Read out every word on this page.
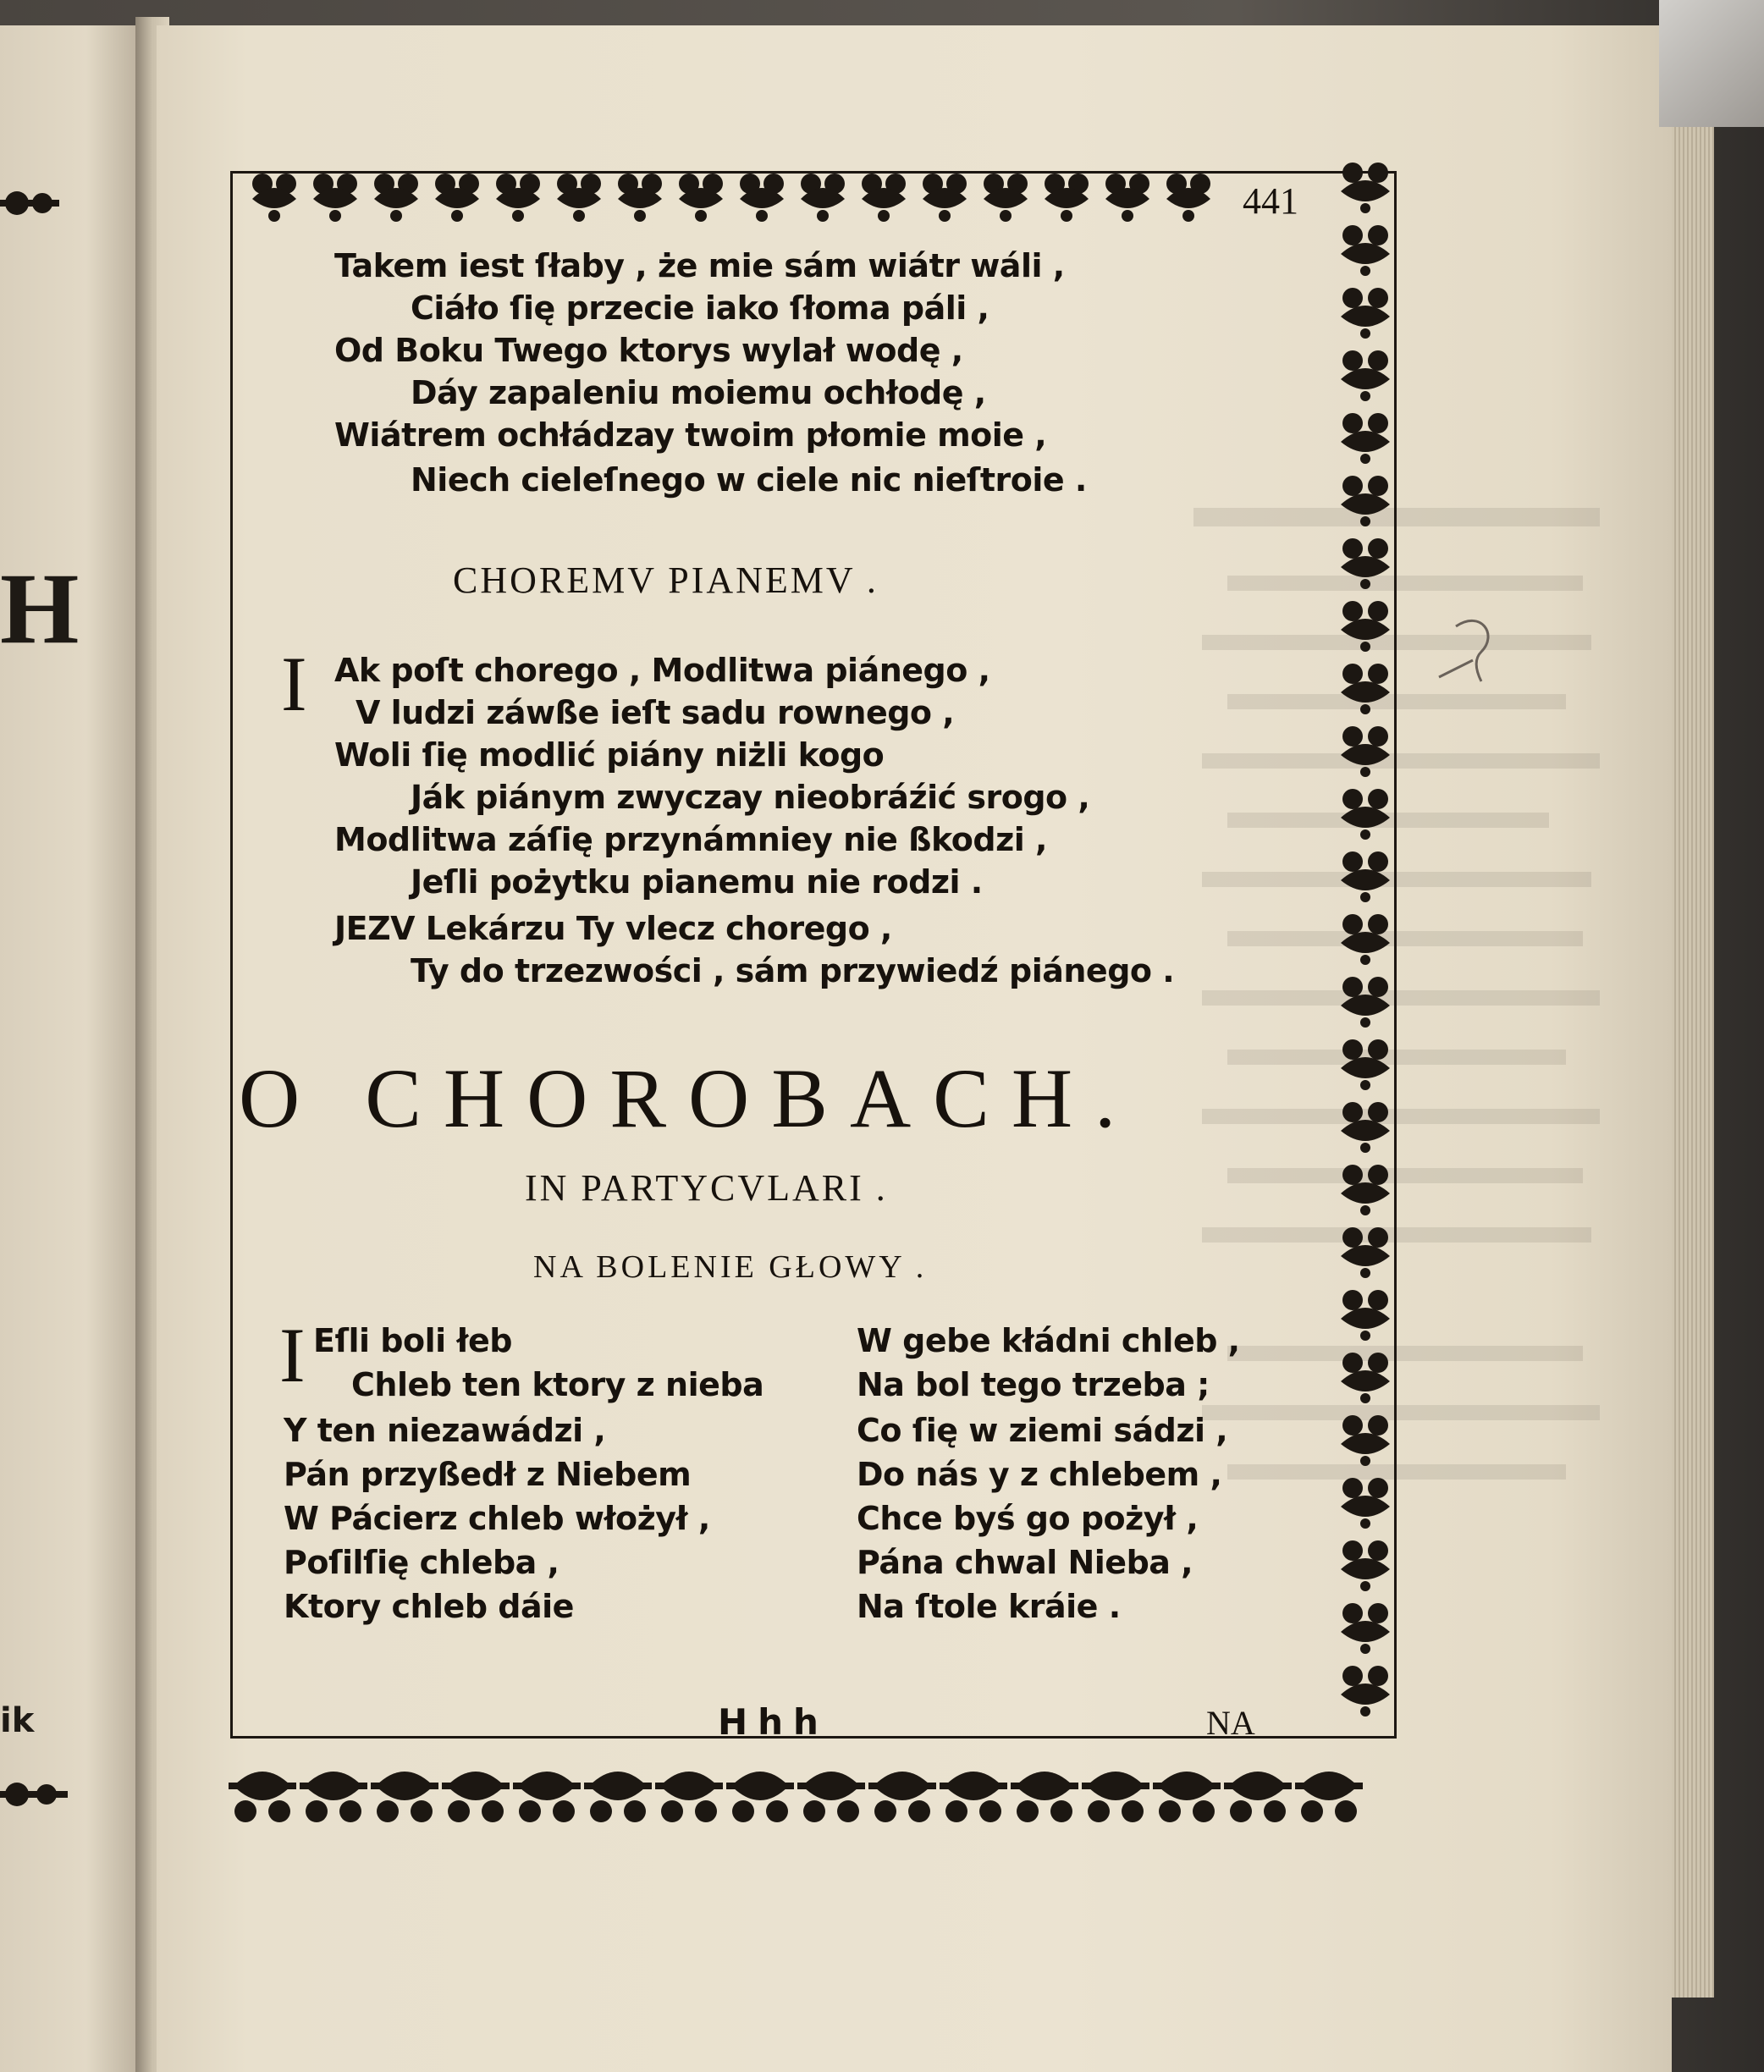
H
ik
441
Takem iest ſłaby , że mie sám wiátr wáli ,
Ciáło ſię przecie iako ſłoma páli ,
Od Boku Twego ktorys wylał wodę ,
Dáy zapaleniu moiemu ochłodę ,
Wiátrem ochłádzay twoim płomie moie ,
Niech cieleſnego w ciele nic nieſtroie .
CHOREMV PIANEMV .
I Ak poſt chorego , Modlitwa piánego ,
V ludzi záwße ieſt sadu rownego ,
Woli ſię modlić piány niżli kogo
Ják piánym zwyczay nieobráźić srogo ,
Modlitwa záſię przynámniey nie ßkodzi ,
Jeſli pożytku pianemu nie rodzi .
JEZV Lekárzu Ty vlecz chorego ,
Ty do trzezwości , sám przywiedź piánego .
O CHOROBACH.
IN PARTYCVLARI .
NA BOLENIE GŁOWY .
I Eſli boli łeb
Chleb ten ktory z nieba
Y ten niezawádzi ,
Pán przyßedł z Niebem
W Pácierz chleb włożył ,
Poſilſię chleba ,
Ktory chleb dáie
W gebe kłádni chleb ,
Na bol tego trzeba ;
Co ſię w ziemi sádzi ,
Do nás y z chlebem ,
Chce byś go pożył ,
Pána chwal Nieba ,
Na ſtole kráie .
Hhh	NA
